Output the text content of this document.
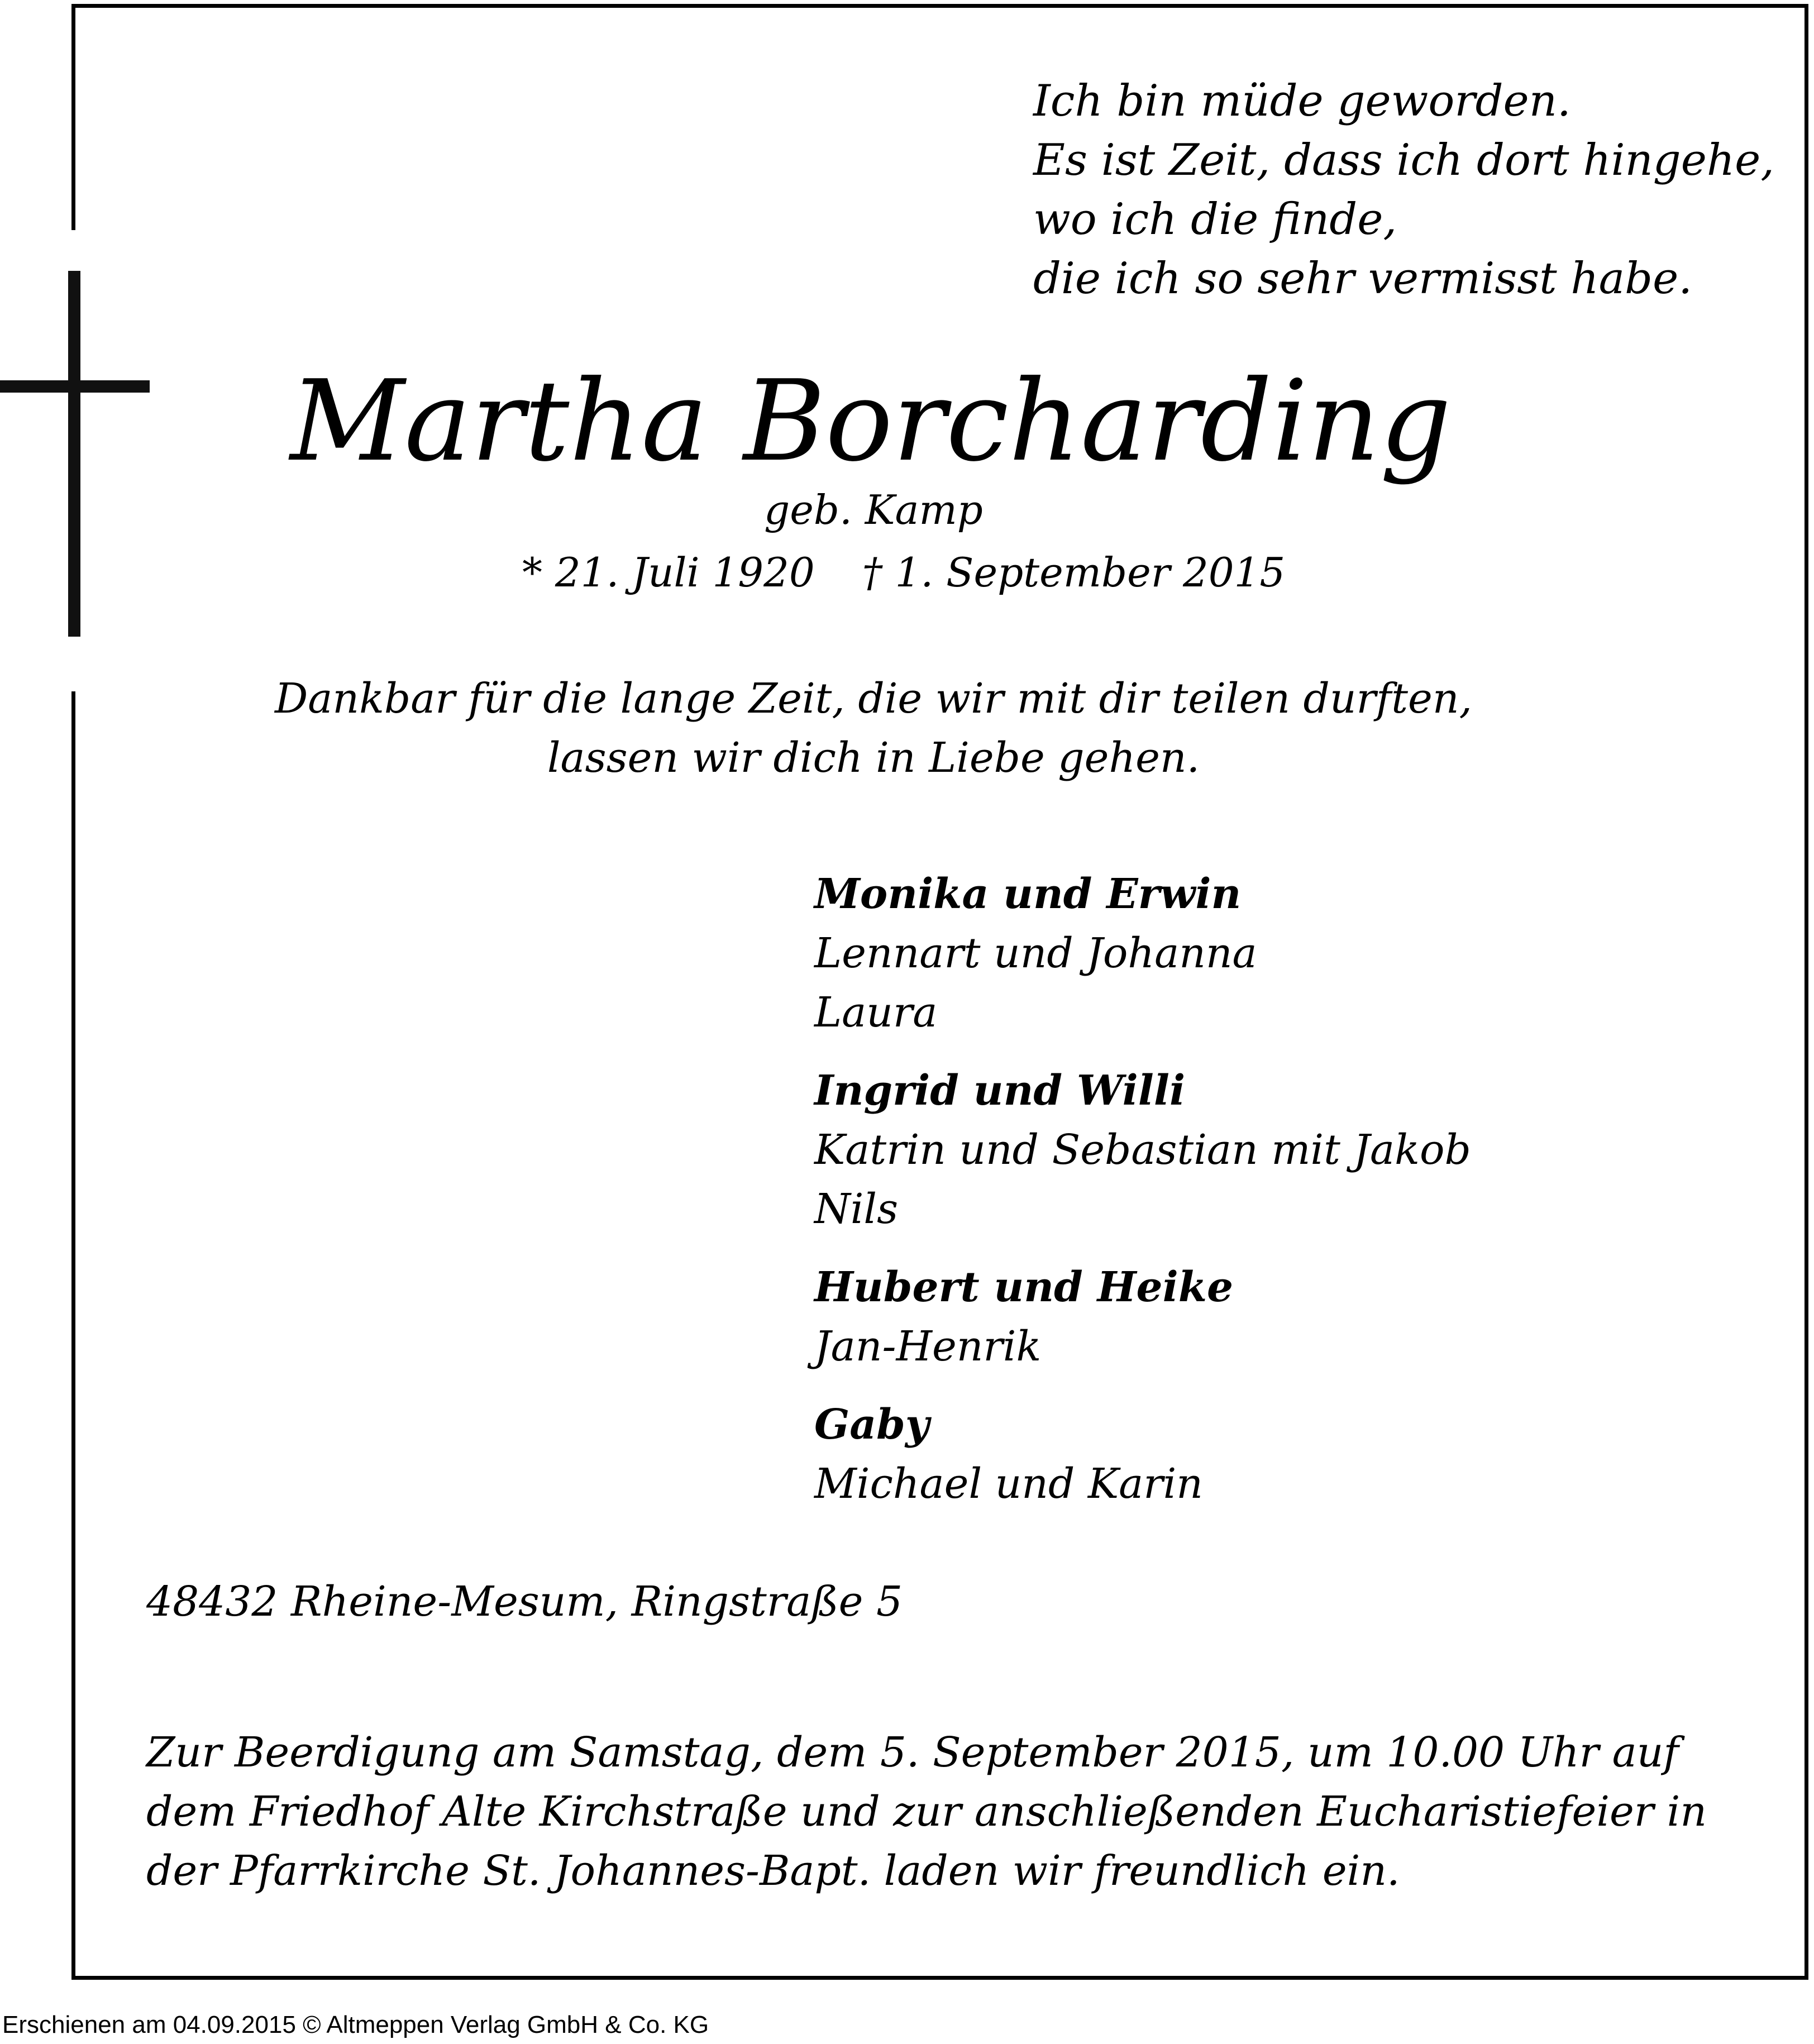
Ich bin müde geworden.
Es ist Zeit, dass ich dort hingehe,
wo ich die finde,
die ich so sehr vermisst habe.
Martha Borcharding
geb. Kamp
* 21. Juli 1920 † 1. September 2015
Dankbar für die lange Zeit, die wir mit dir teilen durften,
lassen wir dich in Liebe gehen.
Monika und Erwin
Lennart und Johanna
Laura
Ingrid und Willi
Katrin und Sebastian mit Jakob
Nils
Hubert und Heike
Jan-Henrik
Gaby
Michael und Karin
48432 Rheine-Mesum, Ringstraße 5
Zur Beerdigung am Samstag, dem 5. September 2015, um 10.00 Uhr auf
dem Friedhof Alte Kirchstraße und zur anschließenden Eucharistiefeier in
der Pfarrkirche St. Johannes-Bapt. laden wir freundlich ein.
Erschienen am 04.09.2015 © Altmeppen Verlag GmbH & Co. KG
